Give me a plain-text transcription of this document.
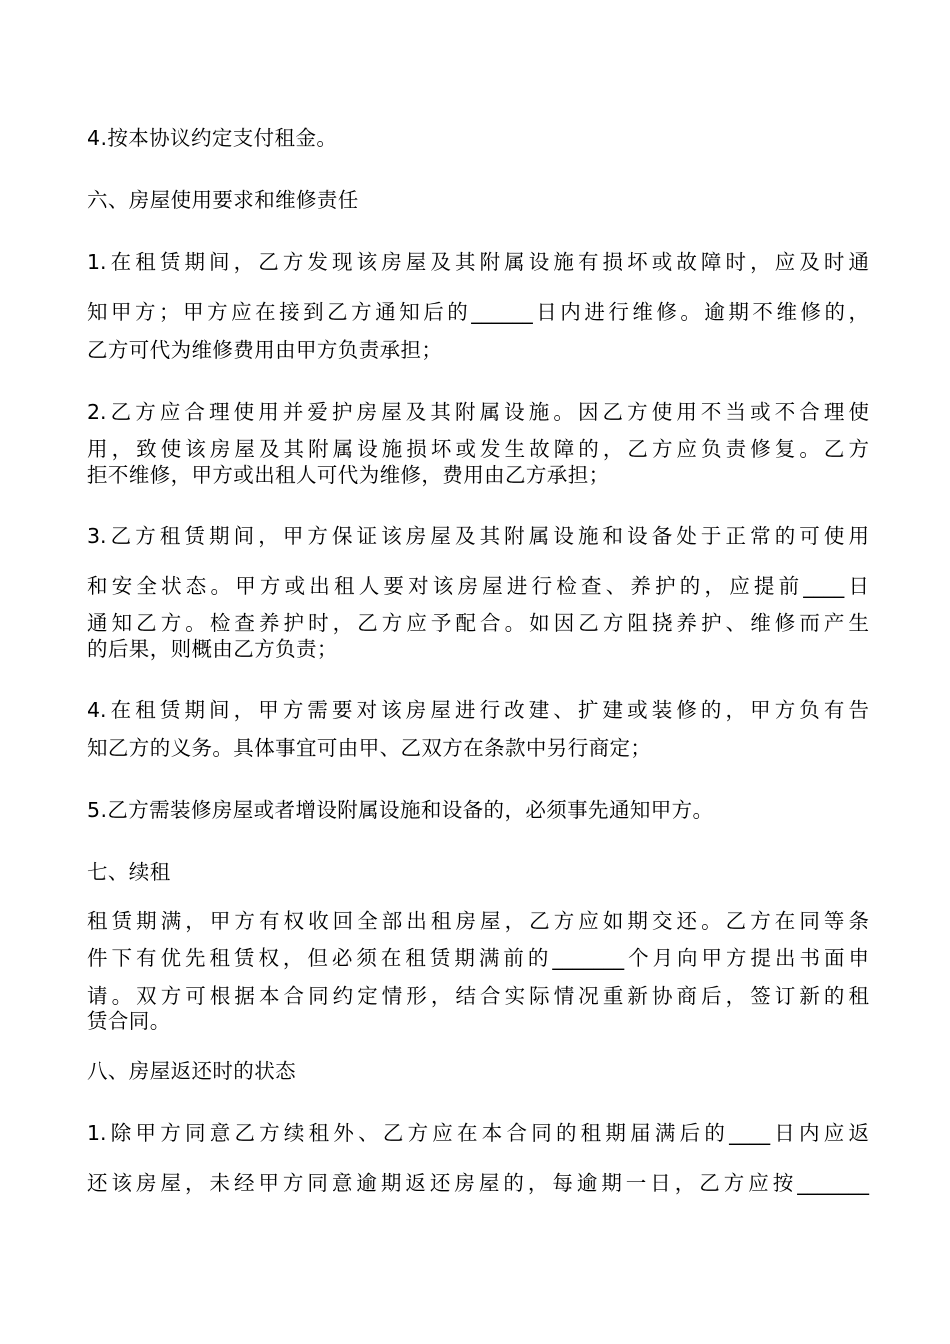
4.按本协议约定支付租金。
六、房屋使用要求和维修责任
1.在租赁期间，乙方发现该房屋及其附属设施有损坏或故障时，应及时通
知甲方；甲方应在接到乙方通知后的______日内进行维修。逾期不维修的，
乙方可代为维修费用由甲方负责承担；
2.乙方应合理使用并爱护房屋及其附属设施。因乙方使用不当或不合理使
用，致使该房屋及其附属设施损坏或发生故障的，乙方应负责修复。乙方
拒不维修，甲方或出租人可代为维修，费用由乙方承担；
3.乙方租赁期间，甲方保证该房屋及其附属设施和设备处于正常的可使用
和安全状态。甲方或出租人要对该房屋进行检查、养护的，应提前____日
通知乙方。检查养护时，乙方应予配合。如因乙方阻挠养护、维修而产生
的后果，则概由乙方负责；
4.在租赁期间，甲方需要对该房屋进行改建、扩建或装修的，甲方负有告
知乙方的义务。具体事宜可由甲、乙双方在条款中另行商定；
5.乙方需装修房屋或者增设附属设施和设备的，必须事先通知甲方。
七、续租
租赁期满，甲方有权收回全部出租房屋，乙方应如期交还。乙方在同等条
件下有优先租赁权，但必须在租赁期满前的_______个月向甲方提出书面申
请。双方可根据本合同约定情形，结合实际情况重新协商后，签订新的租
赁合同。
八、房屋返还时的状态
1.除甲方同意乙方续租外、乙方应在本合同的租期届满后的____日内应返
还该房屋，未经甲方同意逾期返还房屋的，每逾期一日，乙方应按_______
